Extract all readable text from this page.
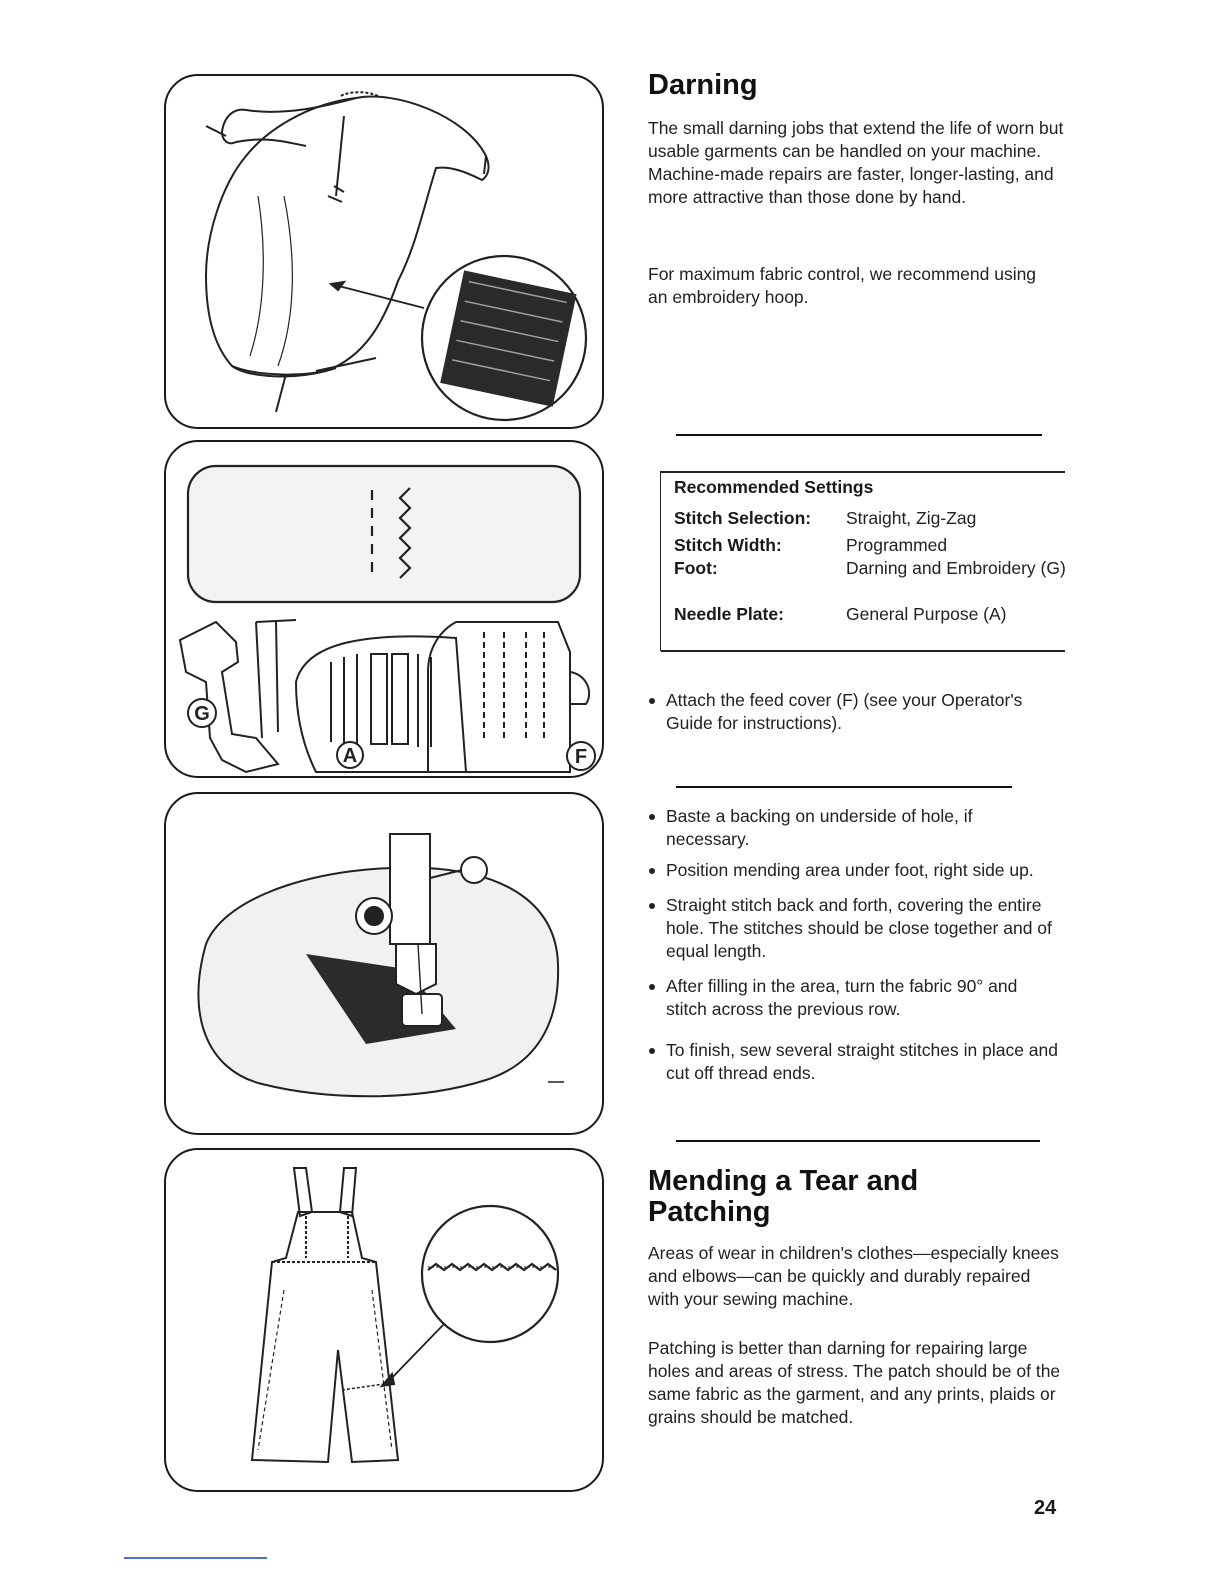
G
A	F
Darning

The small darning jobs that extend the life of worn but usable garments can be handled on your machine. Machine-made repairs are faster, longer-lasting, and more attractive than those done by hand.

For maximum fabric control, we recommend using an embroidery hoop.

Recommended Settings
Stitch Selection: Straight, Zig-Zag
Stitch Width:	Programmed
Foot:	Darning and Embroidery (G)
Needle Plate:	General Purpose (A)
Attach the feed cover (F) (see your Operator's Guide for instructions).
Baste a backing on underside of hole, if necessary.
Position mending area under foot, right side up.
Straight stitch back and forth, covering the entire hole. The stitches should be close together and of equal length.
After filling in the area, turn the fabric 90° and stitch across the previous row.
To finish, sew several straight stitches in place and cut off thread ends.
Mending a Tear and
Patching

Areas of wear in children's clothes—especially knees and elbows—can be quickly and durably repaired with your sewing machine.

Patching is better than darning for repairing large holes and areas of stress. The patch should be of the same fabric as the garment, and any prints, plaids or grains should be matched.

24
